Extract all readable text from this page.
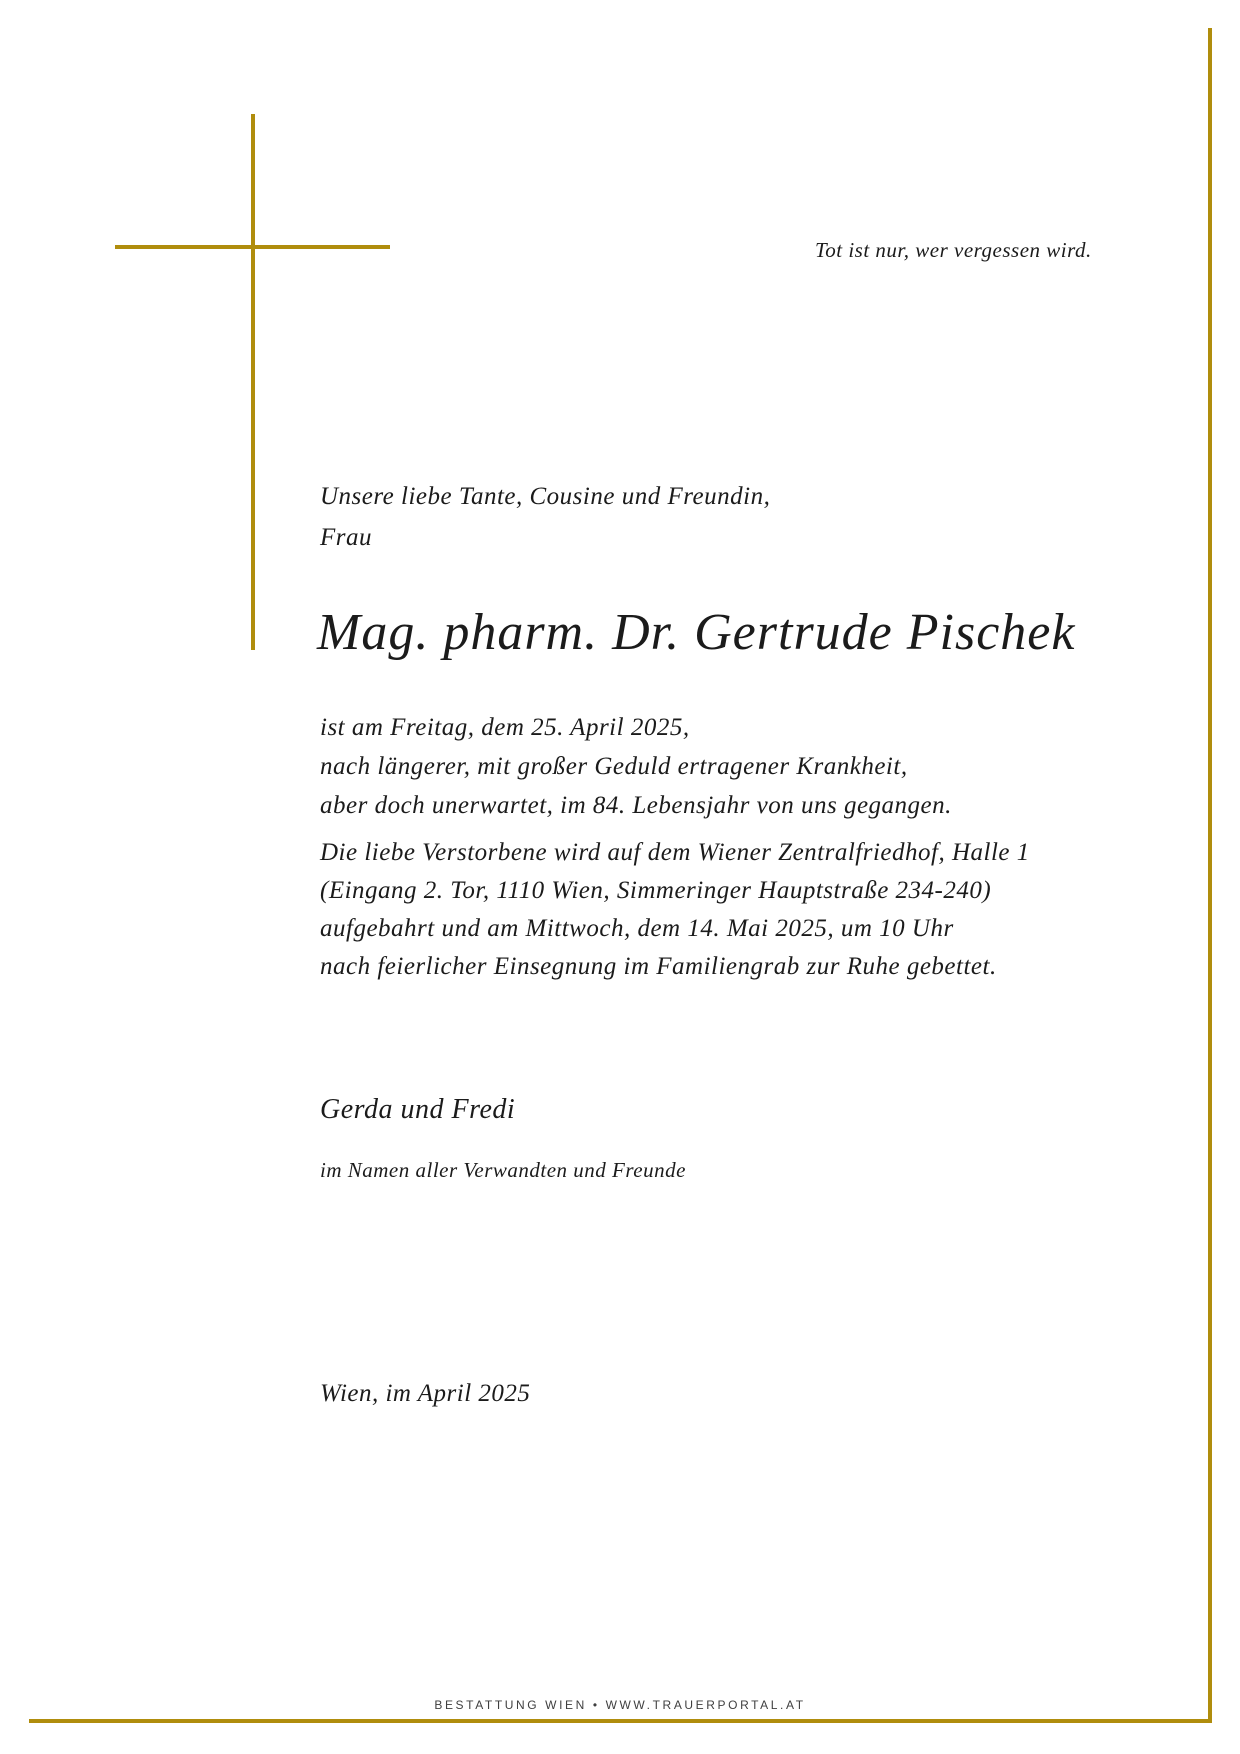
Tot ist nur, wer vergessen wird.
Unsere liebe Tante, Cousine und Freundin,
Frau
Mag. pharm. Dr. Gertrude Pischek
ist am Freitag, dem 25. April 2025,
nach längerer, mit großer Geduld ertragener Krankheit,
aber doch unerwartet, im 84. Lebensjahr von uns gegangen.
Die liebe Verstorbene wird auf dem Wiener Zentralfriedhof, Halle 1
(Eingang 2. Tor, 1110 Wien, Simmeringer Hauptstraße 234-240)
aufgebahrt und am Mittwoch, dem 14. Mai 2025, um 10 Uhr
nach feierlicher Einsegnung im Familiengrab zur Ruhe gebettet.
Gerda und Fredi
im Namen aller Verwandten und Freunde
Wien, im April 2025
BESTATTUNG WIEN • WWW.TRAUERPORTAL.AT
